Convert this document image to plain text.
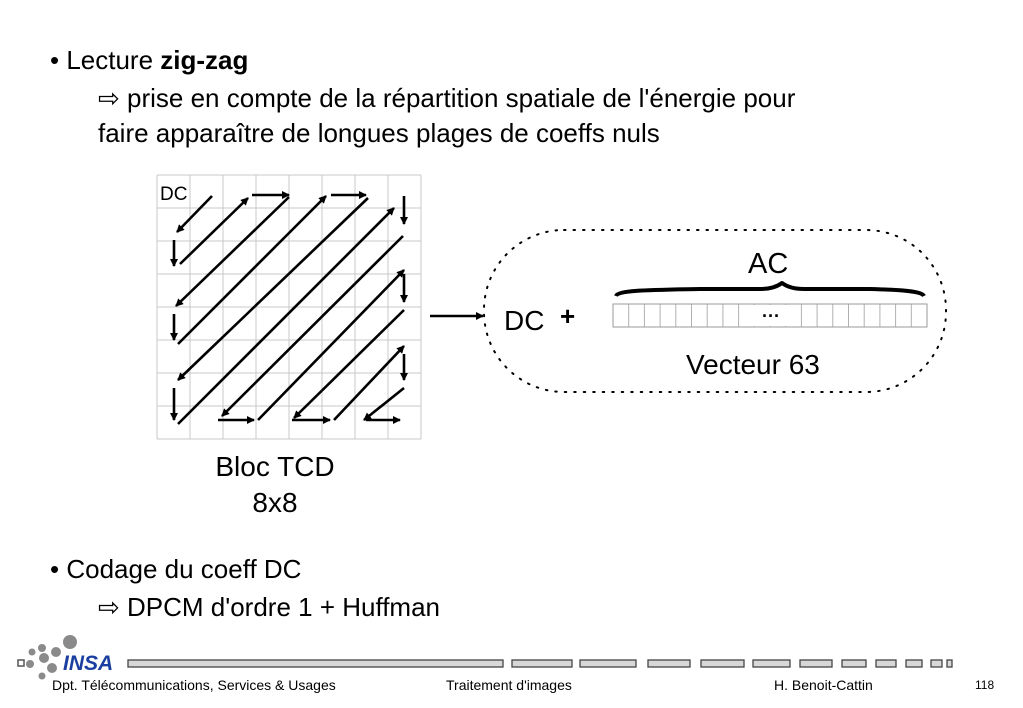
• Lecture zig-zag
⇨ prise en compte de la répartition spatiale de l'énergie pour
faire apparaître de longues plages de coeffs nuls
DC
DC +
AC
···
Vecteur 63
INSA
Bloc TCD
8x8
• Codage du coeff DC
⇨ DPCM d'ordre 1 + Huffman
Dpt. Télécommunications, Services & Usages	Traitement d'images	H. Benoit-Cattin	118
